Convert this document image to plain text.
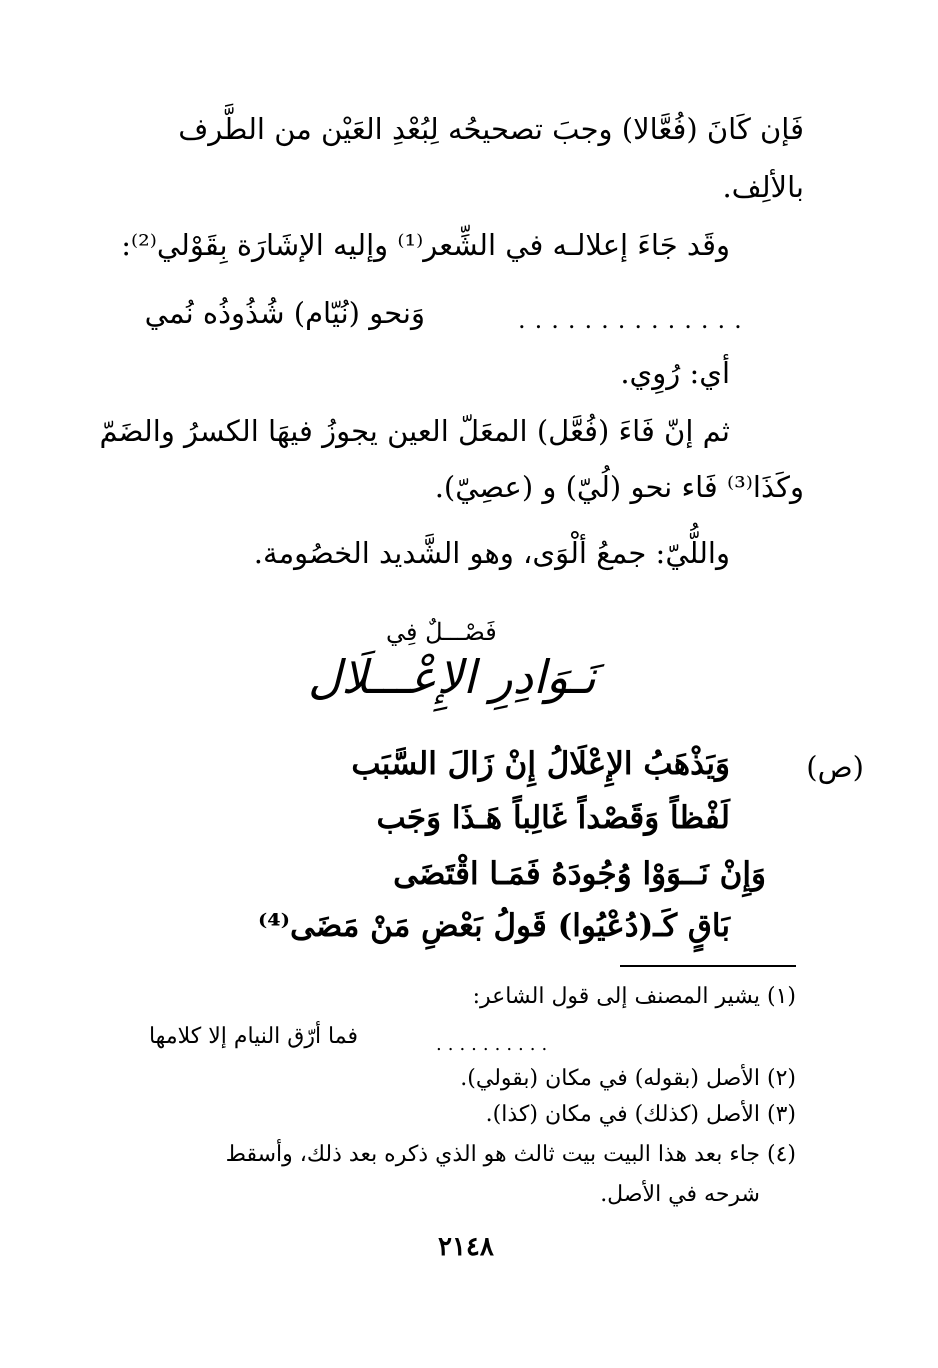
فَإن كَانَ (فُعَّالا) وجبَ تصحيحُه لِبُعْدِ العَيْن من الطَّرف
بالألِف.
وقَد جَاءَ إعلالـه في الشِّعر⁽¹⁾ وإليه الإشَارَة بِقَوْلي⁽²⁾:
وَنحو (نُيّام) شُذُوذُه نُمي	..............
أي: رُوِي.
ثم إنّ فَاءَ (فُعَّل) المعَلّ العين يجوزُ فيهَا الكسرُ والضَمّ
وكَذَا⁽³⁾ فَاء نحو (لُيّ) و (عصِيّ).
واللُّيّ: جمعُ ألْوَى، وهو الشَّديد الخصُومة.
فَصْـــلٌ فِي
نَـوَادِرِ الإِعْـــلَال
(ص)
وَيَذْهَبُ الإِعْلَالُ إِنْ زَالَ السَّبَب
لَفْظاً وَقَصْداً غَالِباً هَـذَا وَجَب
وَإِنْ نَــوَوْا وُجُودَهُ فَمَـا اقْتَضَى
بَاقٍ كَـ(دُعْيُوا) قَولُ بَعْضِ مَنْ مَضَى⁽⁴⁾
(١) يشير المصنف إلى قول الشاعر:
..........
فما أرّق النيام إلا كلامها
(٢) الأصل (بقوله) في مكان (بقولي).
(٣) الأصل (كذلك) في مكان (كذا).
(٤) جاء بعد هذا البيت بيت ثالث هو الذي ذكره بعد ذلك، وأسقط
شرحه في الأصل.
٢١٤٨
